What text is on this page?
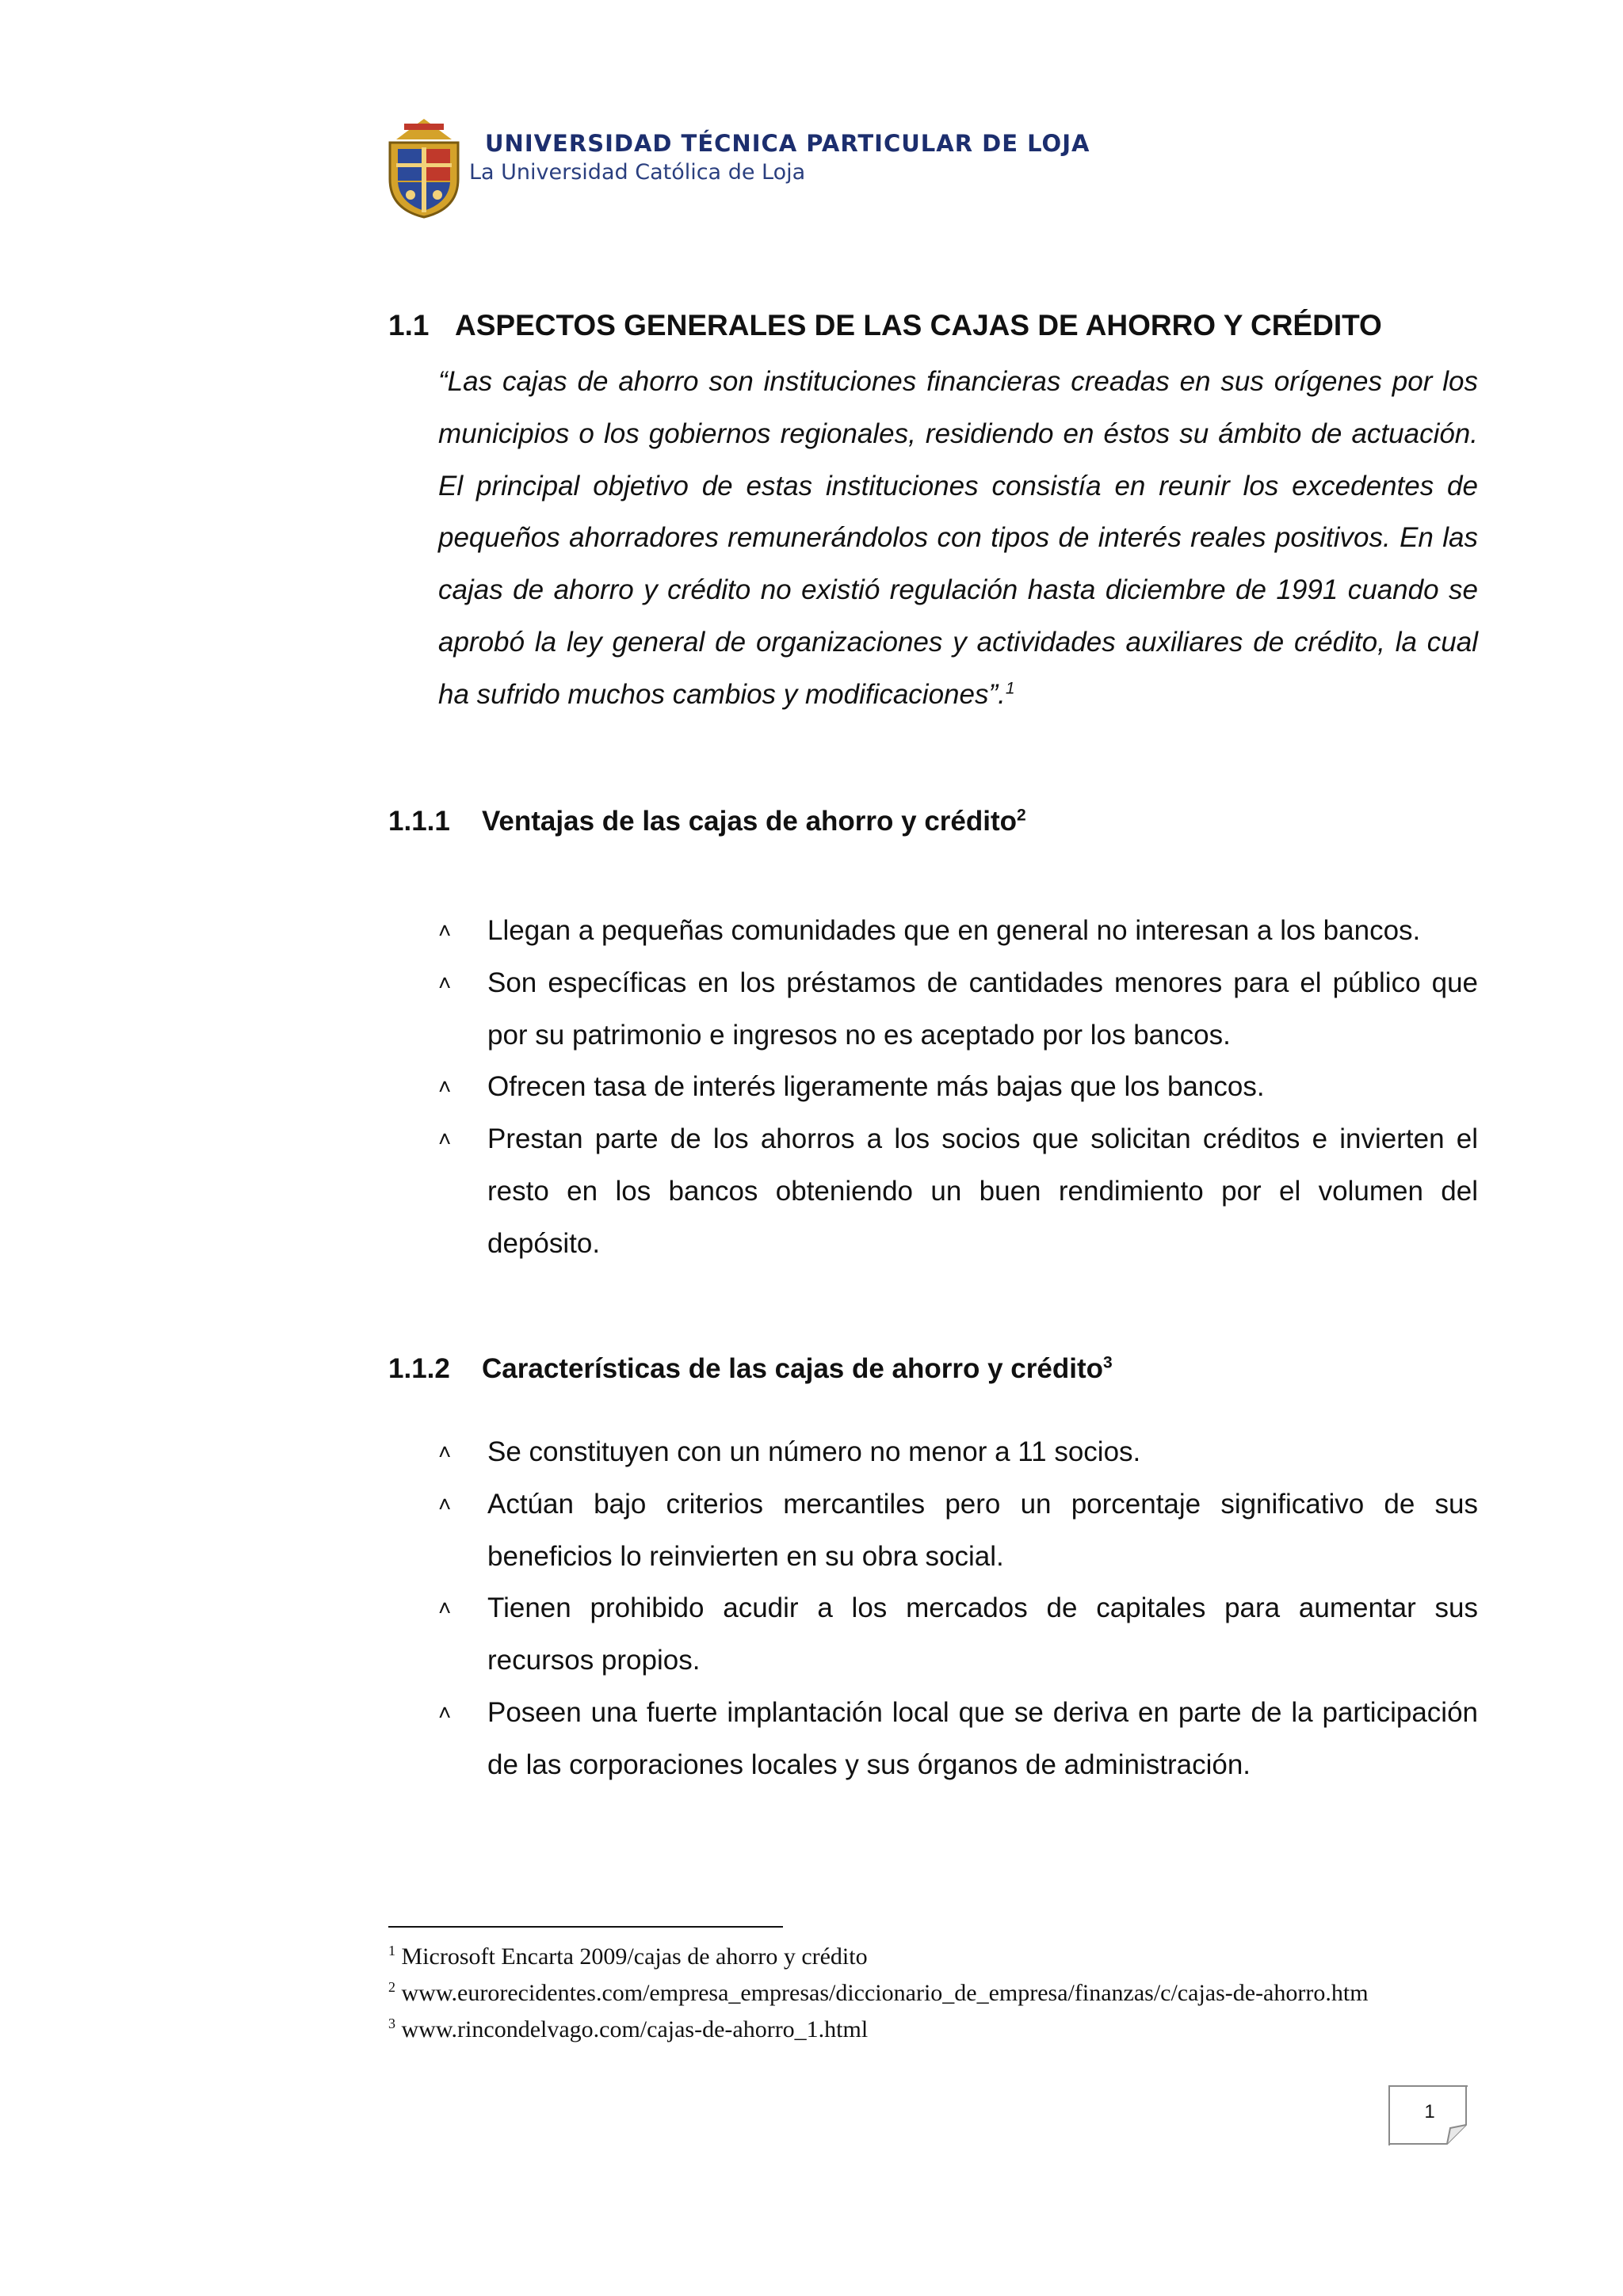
UNIVERSIDAD TÉCNICA PARTICULAR DE LOJA
La Universidad Católica de Loja
1.1 ASPECTOS GENERALES DE LAS CAJAS DE AHORRO Y CRÉDITO

“Las cajas de ahorro son instituciones financieras creadas en sus orígenes por los municipios o los gobiernos regionales, residiendo en éstos su ámbito de actuación. El principal objetivo de estas instituciones consistía en reunir los excedentes de pequeños ahorradores remunerándolos con tipos de interés reales positivos. En las cajas de ahorro y crédito no existió regulación hasta diciembre de 1991 cuando se aprobó la ley general de organizaciones y actividades auxiliares de crédito, la cual ha sufrido muchos cambios y modificaciones”.$^1$

1.1.1 Ventajas de las cajas de ahorro y crédito$^2$
˄ Llegan a pequeñas comunidades que en general no interesan a los bancos.
˄ Son específicas en los préstamos de cantidades menores para el público que por su patrimonio e ingresos no es aceptado por los bancos.
˄ Ofrecen tasa de interés ligeramente más bajas que los bancos.
˄ Prestan parte de los ahorros a los socios que solicitan créditos e invierten el resto en los bancos obteniendo un buen rendimiento por el volumen del depósito.
1.1.2 Características de las cajas de ahorro y crédito$^3$
˄ Se constituyen con un número no menor a 11 socios.
˄ Actúan bajo criterios mercantiles pero un porcentaje significativo de sus beneficios lo reinvierten en su obra social.
˄ Tienen prohibido acudir a los mercados de capitales para aumentar sus recursos propios.
˄ Poseen una fuerte implantación local que se deriva en parte de la participación de las corporaciones locales y sus órganos de administración.

$^1$ Microsoft Encarta 2009/cajas de ahorro y crédito

$^2$ www.eurorecidentes.com/empresa_empresas/diccionario_de_empresa/finanzas/c/cajas-de-ahorro.htm

$^3$ www.rincondelvago.com/cajas-de-ahorro_1.html

1
